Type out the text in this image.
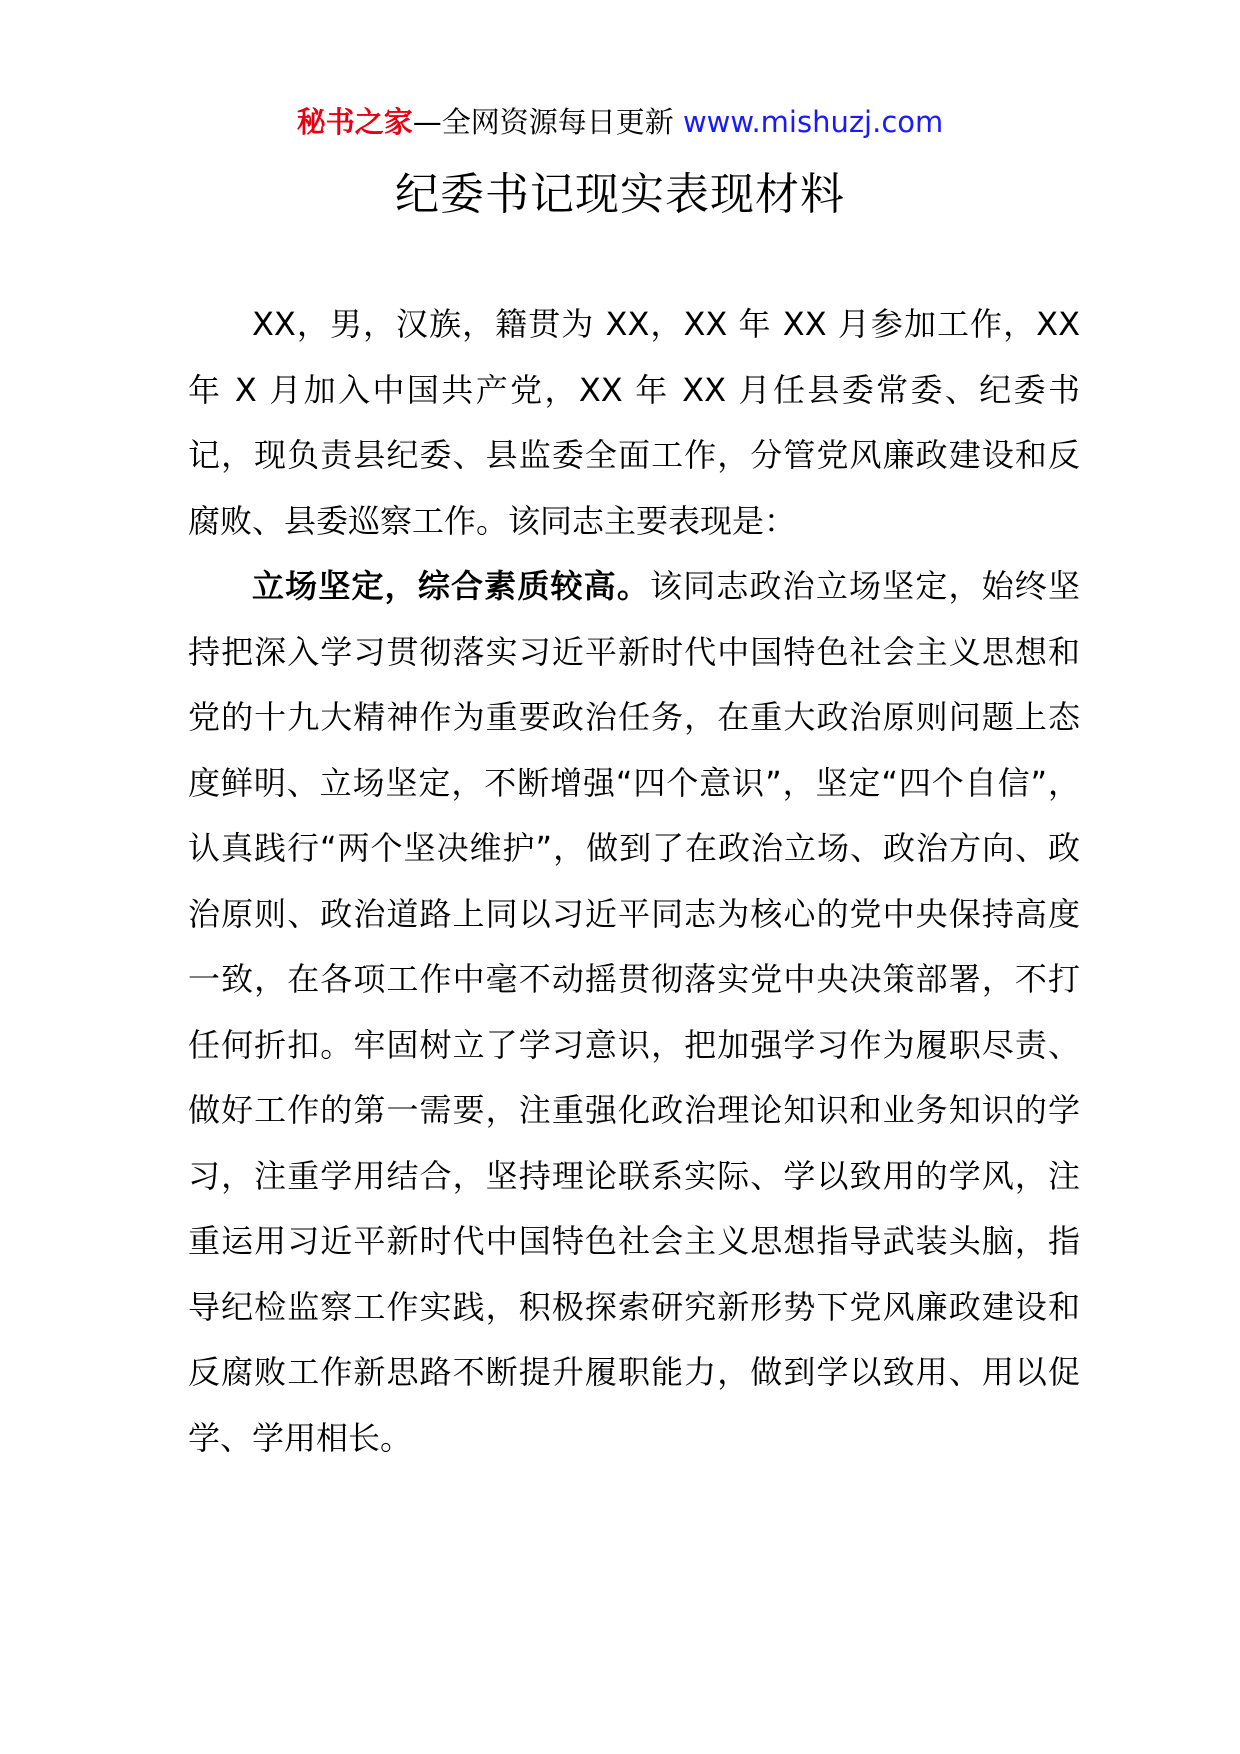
秘书之家—全网资源每日更新 www.mishuzj.com
纪委书记现实表现材料

XX，男，汉族，籍贯为 XX，XX 年 XX 月参加工作，XX 年 X 月加入中国共产党，XX 年 XX 月任县委常委、纪委书记，现负责县纪委、县监委全面工作，分管党风廉政建设和反腐败、县委巡察工作。该同志主要表现是：

立场坚定，综合素质较高。该同志政治立场坚定，始终坚持把深入学习贯彻落实习近平新时代中国特色社会主义思想和党的十九大精神作为重要政治任务，在重大政治原则问题上态度鲜明、立场坚定，不断增强“四个意识”，坚定“四个自信”，认真践行“两个坚决维护”，做到了在政治立场、政治方向、政治原则、政治道路上同以习近平同志为核心的党中央保持高度一致，在各项工作中毫不动摇贯彻落实党中央决策部署，不打任何折扣。牢固树立了学习意识，把加强学习作为履职尽责、做好工作的第一需要，注重强化政治理论知识和业务知识的学习，注重学用结合，坚持理论联系实际、学以致用的学风，注重运用习近平新时代中国特色社会主义思想指导武装头脑，指导纪检监察工作实践，积极探索研究新形势下党风廉政建设和反腐败工作新思路不断提升履职能力，做到学以致用、用以促学、学用相长。
